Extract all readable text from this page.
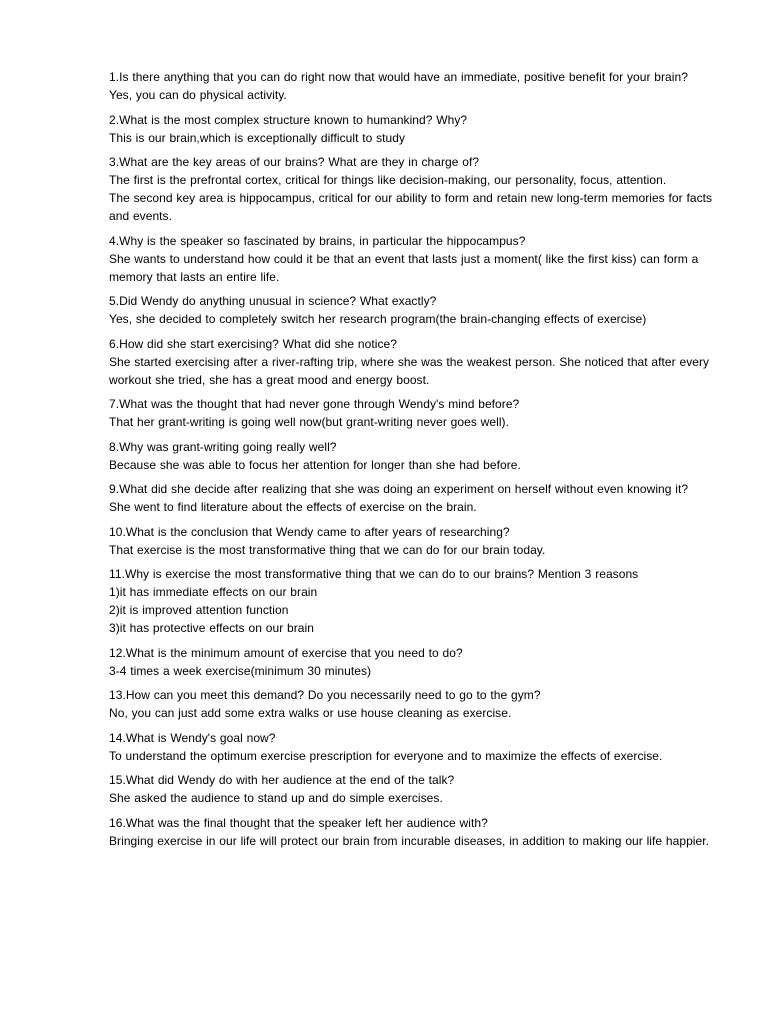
1.Is there anything that you can do right now that would have an immediate, positive benefit for your brain?
Yes, you can do physical activity.
2.What is the most complex structure known to humankind? Why?
This is our brain,which is exceptionally difficult to study
3.What are the key areas of our brains? What are they in charge of?
The first is the prefrontal cortex, critical for things like decision-making, our personality, focus, attention.
The second key area is hippocampus, critical for our ability to form and retain new long-term memories for facts and events.
4.Why is the speaker so fascinated by brains, in particular the hippocampus?
She wants to understand how could it be that an event that lasts just a moment( like the first kiss) can form a memory that lasts an entire life.
5.Did Wendy do anything unusual in science? What exactly?
Yes, she decided to completely switch her research program(the brain-changing effects of exercise)
6.How did she start exercising? What did she notice?
She started exercising after a river-rafting trip, where she was the weakest person. She noticed that after every workout she tried, she has a great mood and energy boost.
7.What was the thought that had never gone through Wendy's mind before?
That her grant-writing is going well now(but grant-writing never goes well).
8.Why was grant-writing going really well?
Because she was able to focus her attention for longer than she had before.
9.What did she decide after realizing that she was doing an experiment on herself without even knowing it?
She went to find literature about the effects of exercise on the brain.
10.What is the conclusion that Wendy came to after years of researching?
That exercise is the most transformative thing that we can do for our brain today.
11.Why is exercise the most transformative thing that we can do to our brains? Mention 3 reasons
1)it has immediate effects on our brain
2)it is improved attention function
3)it has protective effects on our brain
12.What is the minimum amount of exercise that you need to do?
3-4 times a week exercise(minimum 30 minutes)
13.How can you meet this demand? Do you necessarily need to go to the gym?
No, you can just add some extra walks or use house cleaning as exercise.
14.What is Wendy's goal now?
To understand the optimum exercise prescription for everyone and to maximize the effects of exercise.
15.What did Wendy do with her audience at the end of the talk?
She asked the audience to stand up and do simple exercises.
16.What was the final thought that the speaker left her audience with?
Bringing exercise in our life will protect our brain from incurable diseases, in addition to making our life happier.
